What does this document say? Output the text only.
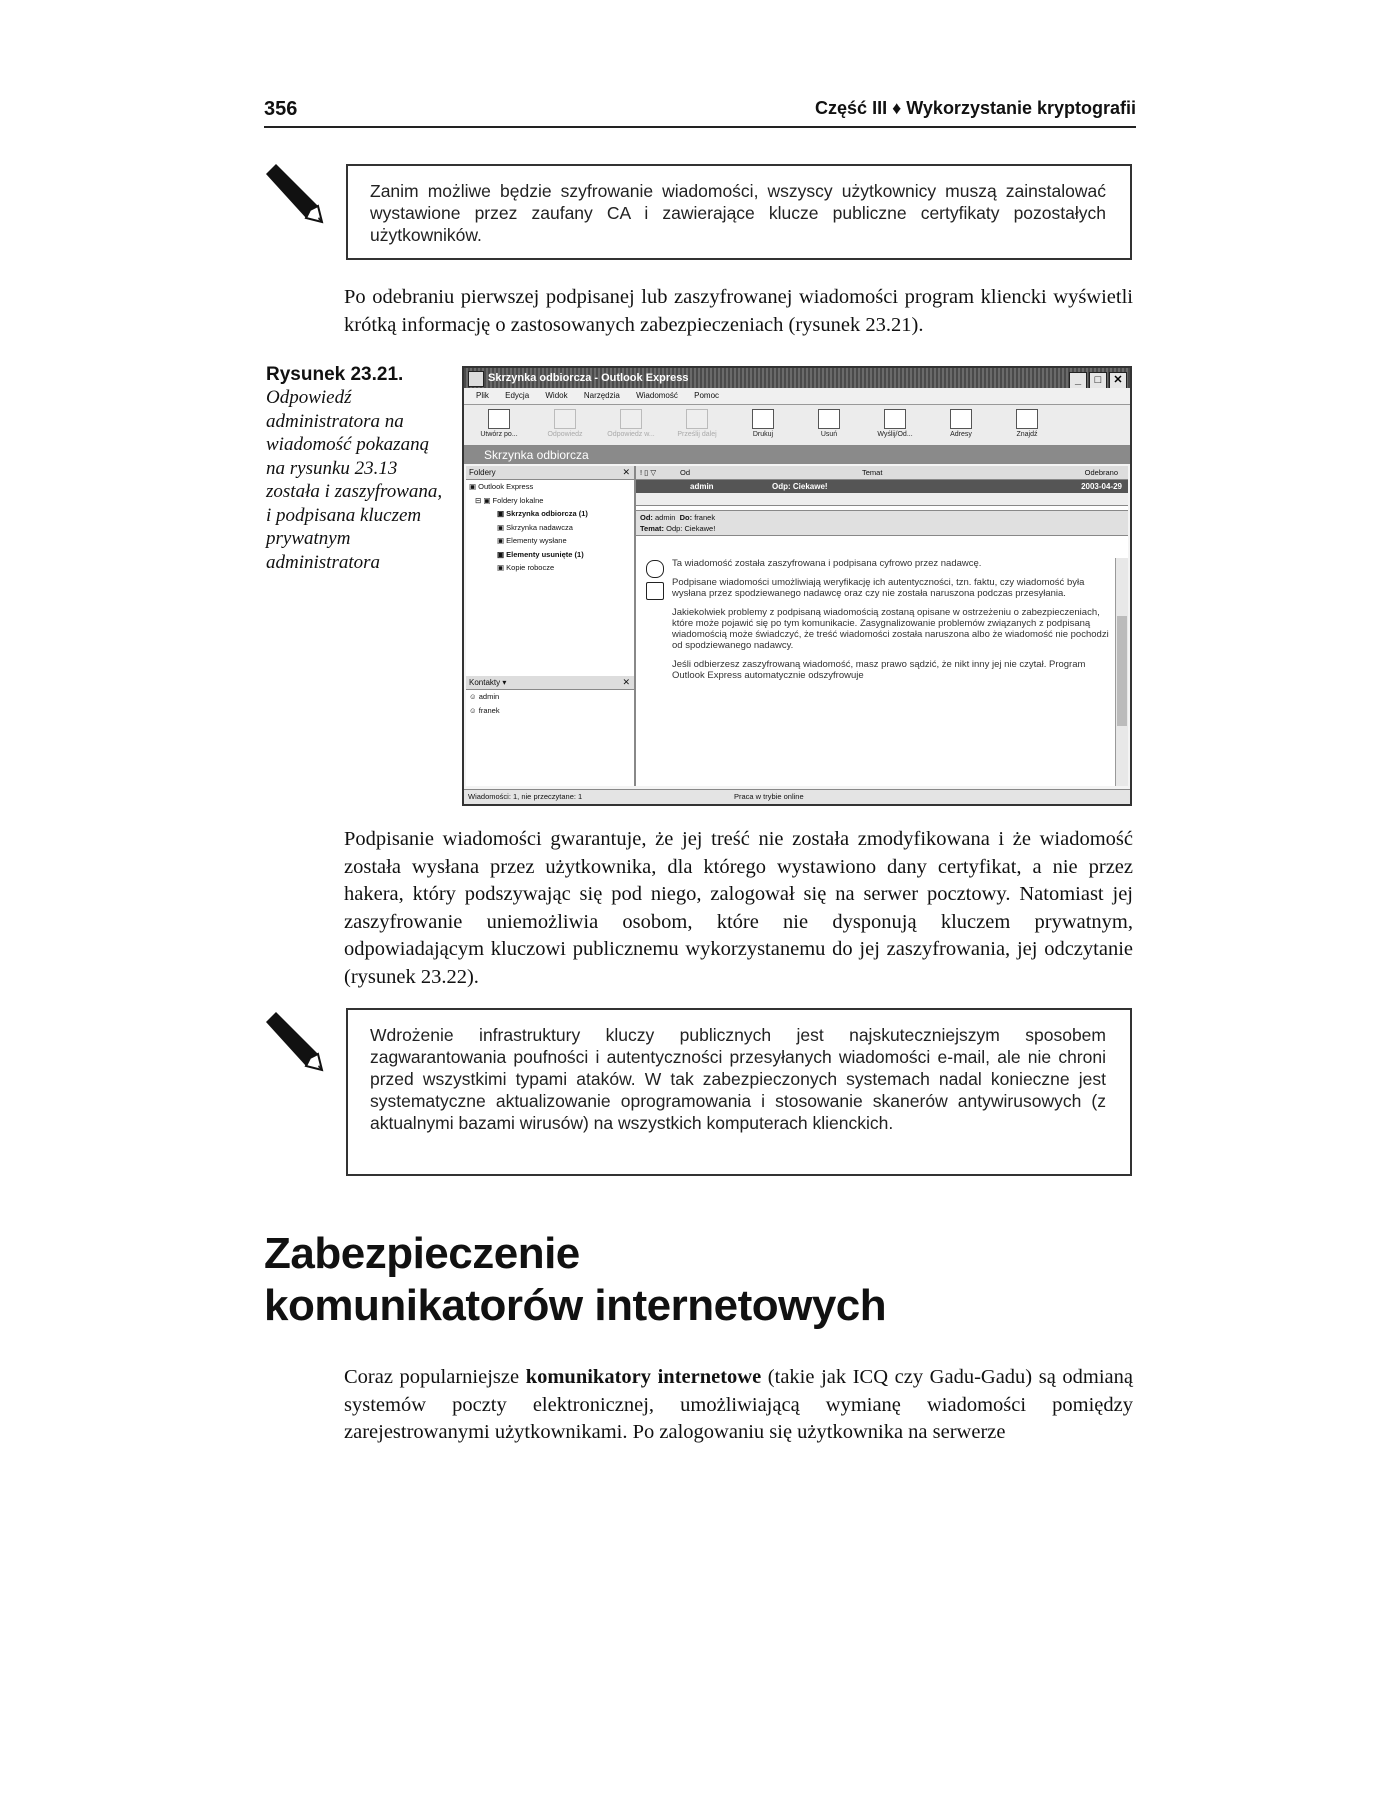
356	Część III ♦ Wykorzystanie kryptografii
Zanim możliwe będzie szyfrowanie wiadomości, wszyscy użytkownicy muszą zainstalować wystawione przez zaufany CA i zawierające klucze publiczne certyfikaty pozostałych użytkowników.
Po odebraniu pierwszej podpisanej lub zaszyfrowanej wiadomości program kliencki wyświetli krótką informację o zastosowanych zabezpieczeniach (rysunek 23.21).
Rysunek 23.21.
Odpowiedź administratora na wiadomość pokazaną na rysunku 23.13 została i zaszyfrowana, i podpisana kluczem prywatnym administratora
Skrzynka odbiorcza - Outlook Express	_ □ ✕
Plik Edycja Widok Narzędzia Wiadomość Pomoc
Utwórz po...	Odpowiedz	Odpowiedz w...	Prześlij dalej	Drukuj	Usuń	Wyślij/Od...	Adresy	Znajdź
Skrzynka odbiorcza
Foldery	✕
▣ Outlook Express
⊟ ▣ Foldery lokalne
▣ Skrzynka odbiorcza (1)
▣ Skrzynka nadawcza
▣ Elementy wysłane
▣ Elementy usunięte (1)
▣ Kopie robocze
Kontakty ▾	✕
☺ admin
☺ franek
! ▯ ▽	Od	Temat	Odebrano
admin	Odp: Ciekawe!	2003-04-29
Od: admin Do: franek
Temat: Odp: Ciekawe!

Ta wiadomość została zaszyfrowana i podpisana cyfrowo przez nadawcę.

Podpisane wiadomości umożliwiają weryfikację ich autentyczności, tzn. faktu, czy wiadomość była wysłana przez spodziewanego nadawcę oraz czy nie została naruszona podczas przesyłania.

Jakiekolwiek problemy z podpisaną wiadomością zostaną opisane w ostrzeżeniu o zabezpieczeniach, które może pojawić się po tym komunikacie. Zasygnalizowanie problemów związanych z podpisaną wiadomością może świadczyć, że treść wiadomości została naruszona albo że wiadomość nie pochodzi od spodziewanego nadawcy.

Jeśli odbierzesz zaszyfrowaną wiadomość, masz prawo sądzić, że nikt inny jej nie czytał. Program Outlook Express automatycznie odszyfrowuje

Wiadomości: 1, nie przeczytane: 1	Praca w trybie online
Podpisanie wiadomości gwarantuje, że jej treść nie została zmodyfikowana i że wiadomość została wysłana przez użytkownika, dla którego wystawiono dany certyfikat, a nie przez hakera, który podszywając się pod niego, zalogował się na serwer pocztowy. Natomiast jej zaszyfrowanie uniemożliwia osobom, które nie dysponują kluczem prywatnym, odpowiadającym kluczowi publicznemu wykorzystanemu do jej zaszyfrowania, jej odczytanie (rysunek 23.22).
Wdrożenie infrastruktury kluczy publicznych jest najskuteczniejszym sposobem zagwarantowania poufności i autentyczności przesyłanych wiadomości e-mail, ale nie chroni przed wszystkimi typami ataków. W tak zabezpieczonych systemach nadal konieczne jest systematyczne aktualizowanie oprogramowania i stosowanie skanerów antywirusowych (z aktualnymi bazami wirusów) na wszystkich komputerach klienckich.
Zabezpieczenie
komunikatorów internetowych
Coraz popularniejsze komunikatory internetowe (takie jak ICQ czy Gadu-Gadu) są odmianą systemów poczty elektronicznej, umożliwiającą wymianę wiadomości pomiędzy zarejestrowanymi użytkownikami. Po zalogowaniu się użytkownika na serwerze
